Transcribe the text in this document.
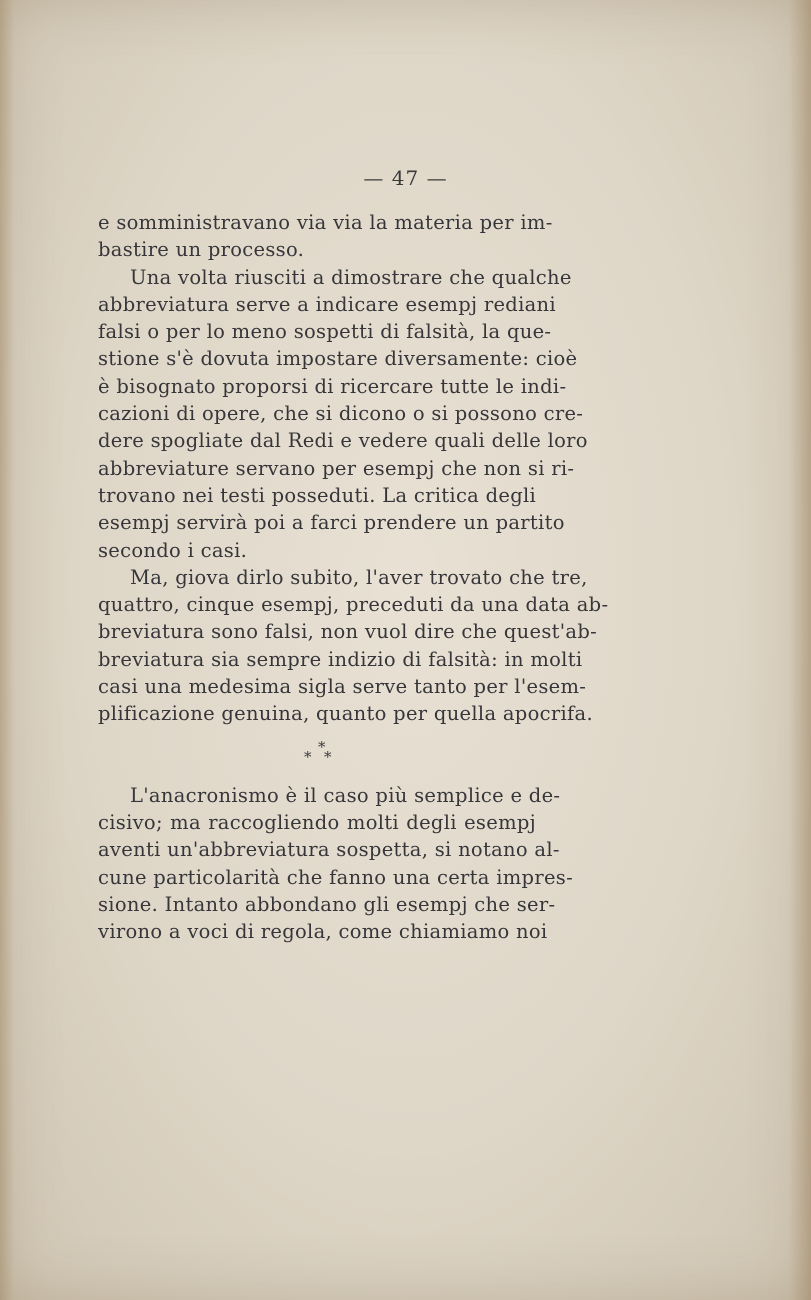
— 47 —
e somministravano via via la materia per im-
bastire un processo.
Una volta riusciti a dimostrare che qualche
abbreviatura serve a indicare esempj rediani
falsi o per lo meno sospetti di falsità, la que-
stione s'è dovuta impostare diversamente: cioè
è bisognato proporsi di ricercare tutte le indi-
cazioni di opere, che si dicono o si possono cre-
dere spogliate dal Redi e vedere quali delle loro
abbreviature servano per esempj che non si ri-
trovano nei testi posseduti. La critica degli
esempj servirà poi a farci prendere un partito
secondo i casi.
Ma, giova dirlo subito, l'aver trovato che tre,
quattro, cinque esempj, preceduti da una data ab-
breviatura sono falsi, non vuol dire che quest'ab-
breviatura sia sempre indizio di falsità: in molti
casi una medesima sigla serve tanto per l'esem-
plificazione genuina, quanto per quella apocrifa.
*
* *
L'anacronismo è il caso più semplice e de-
cisivo; ma raccogliendo molti degli esempj
aventi un'abbreviatura sospetta, si notano al-
cune particolarità che fanno una certa impres-
sione. Intanto abbondano gli esempj che ser-
virono a voci di regola, come chiamiamo noi
